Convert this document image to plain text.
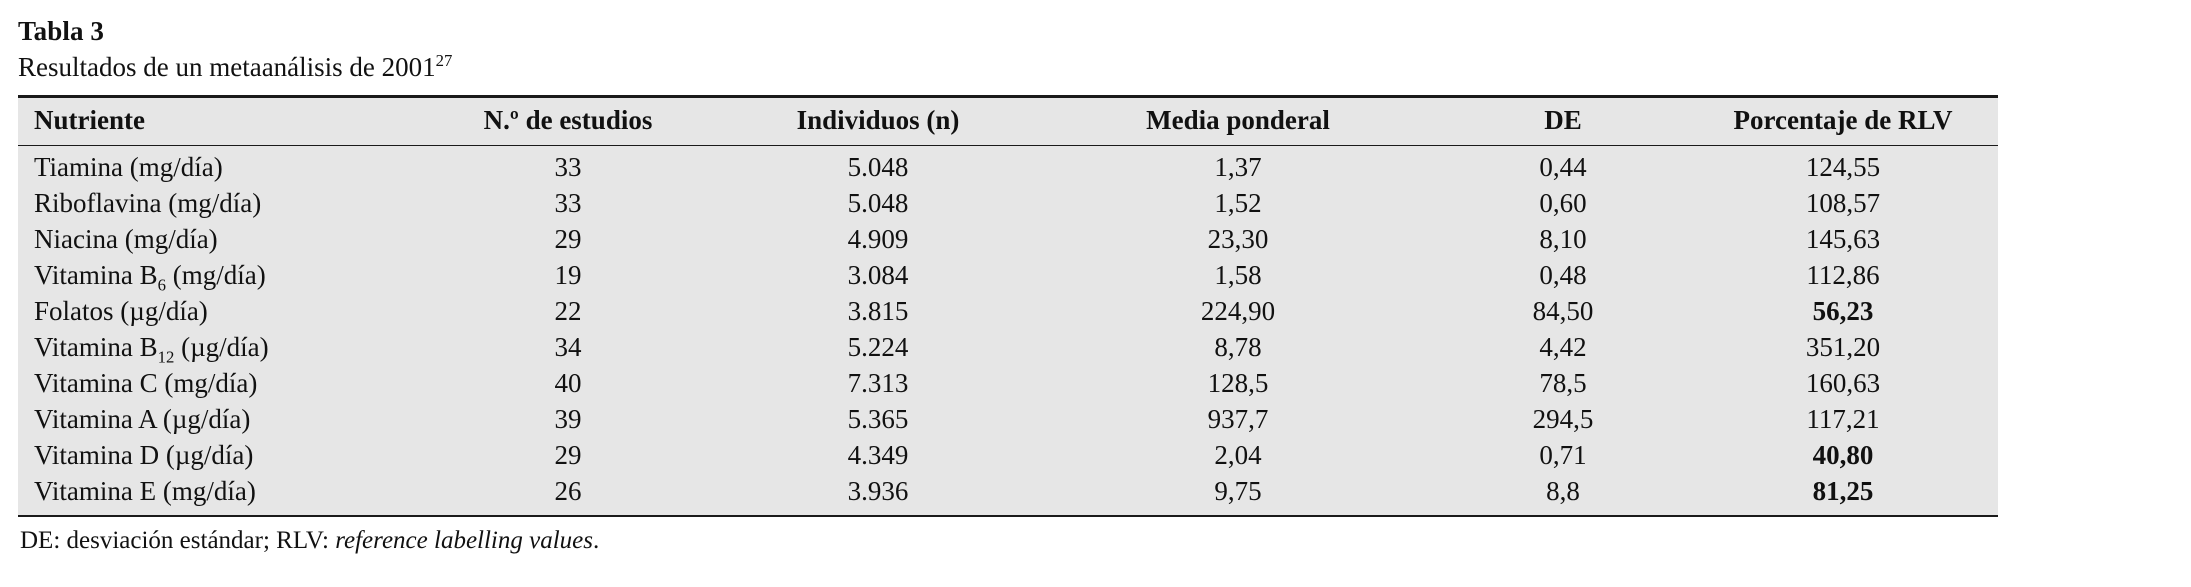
Tabla 3
Resultados de un metaanálisis de 2001$^{27}$
Nutriente	N.º de estudios	Individuos (n)	Media ponderal	DE	Porcentaje de RLV
Tiamina (mg/día)	33	5.048	1,37	0,44	124,55
Riboflavina (mg/día)	33	5.048	1,52	0,60	108,57
Niacina (mg/día)	29	4.909	23,30	8,10	145,63
Vitamina $B_6$ (mg/día)	19	3.084	1,58	0,48	112,86
Folatos (µg/día)	22	3.815	224,90	84,50	56,23
Vitamina $B_{12}$ (µg/día)	34	5.224	8,78	4,42	351,20
Vitamina C (mg/día)	40	7.313	128,5	78,5	160,63
Vitamina A (µg/día)	39	5.365	937,7	294,5	117,21
Vitamina D (µg/día)	29	4.349	2,04	0,71	40,80
Vitamina E (mg/día)	26	3.936	9,75	8,8	81,25
DE: desviación estándar; RLV: reference labelling values.
